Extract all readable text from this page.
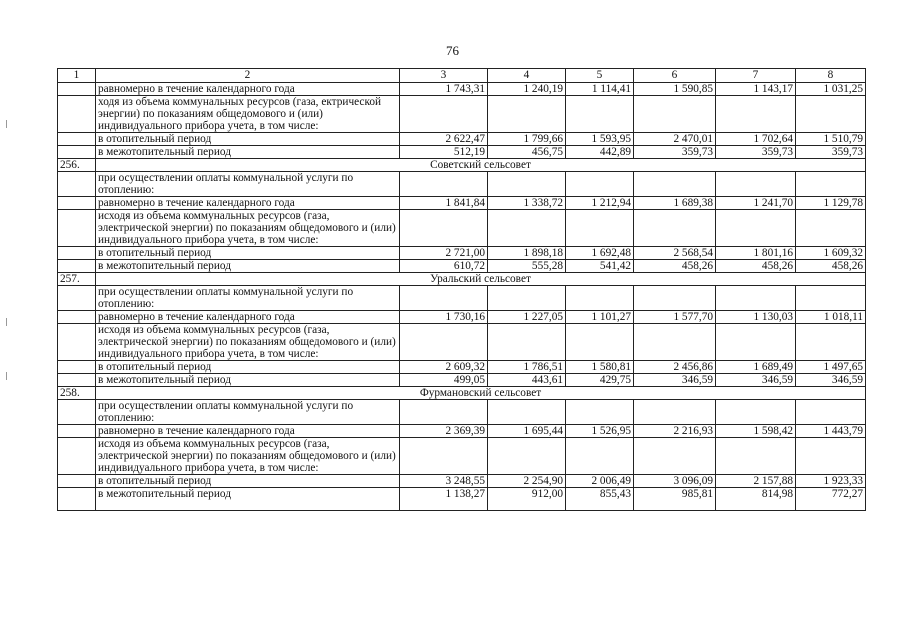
76
1	2	3	4	5	6	7	8
	равномерно в течение календарного года	1 743,31	1 240,19	1 114,41	1 590,85	1 143,17	1 031,25
	ходя из объема коммунальных ресурсов (газа, ектрической энергии) по показаниям общедомового и (или) индивидуального прибора учета, в том числе:						
	в отопительный период	2 622,47	1 799,66	1 593,95	2 470,01	1 702,64	1 510,79
	в межотопительный период	512,19	456,75	442,89	359,73	359,73	359,73
256.	Советский сельсовет						
	при осуществлении оплаты коммунальной услуги по отоплению:						
	равномерно в течение календарного года	1 841,84	1 338,72	1 212,94	1 689,38	1 241,70	1 129,78
	исходя из объема коммунальных ресурсов (газа, электрической энергии) по показаниям общедомового и (или) индивидуального прибора учета, в том числе:						
	в отопительный период	2 721,00	1 898,18	1 692,48	2 568,54	1 801,16	1 609,32
	в межотопительный период	610,72	555,28	541,42	458,26	458,26	458,26
257.	Уральский сельсовет						
	при осуществлении оплаты коммунальной услуги по отоплению:						
	равномерно в течение календарного года	1 730,16	1 227,05	1 101,27	1 577,70	1 130,03	1 018,11
	исходя из объема коммунальных ресурсов (газа, электрической энергии) по показаниям общедомового и (или) индивидуального прибора учета, в том числе:						
	в отопительный период	2 609,32	1 786,51	1 580,81	2 456,86	1 689,49	1 497,65
	в межотопительный период	499,05	443,61	429,75	346,59	346,59	346,59
258.	Фурмановский сельсовет						
	при осуществлении оплаты коммунальной услуги по отоплению:						
	равномерно в течение календарного года	2 369,39	1 695,44	1 526,95	2 216,93	1 598,42	1 443,79
	исходя из объема коммунальных ресурсов (газа, электрической энергии) по показаниям общедомового и (или) индивидуального прибора учета, в том числе:						
	в отопительный период	3 248,55	2 254,90	2 006,49	3 096,09	2 157,88	1 923,33
	в межотопительный период	1 138,27	912,00	855,43	985,81	814,98	772,27
